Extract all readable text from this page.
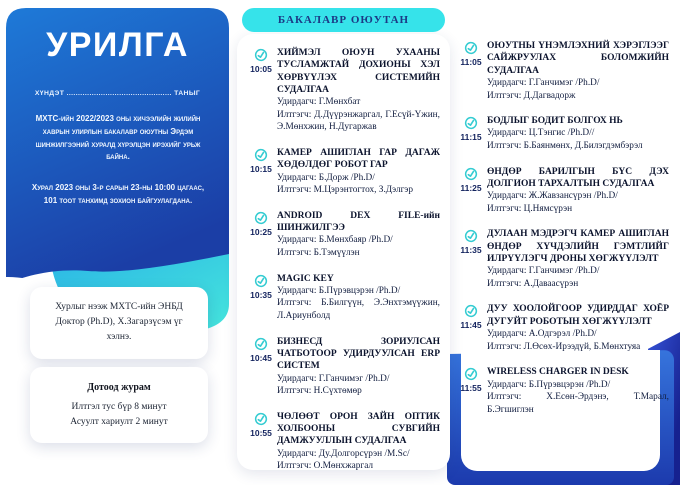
УРИЛГА
ХҮНДЭТ .............................................. ТАНЫГ
МХТС-ийн 2022/2023 оны хичээлийн жилийн хаврын улирлын бакалавр оюутны Эрдэм шинжилгээний хуралд хүрэлцэн ирэхийг урьж байна.
Хурал 2023 оны 3-р сарын 23-ны 10:00 цагаас, 101 тоот танхимд зохион байгуулагдана.
Хурлыг нээж МХТС-ийн ЭНБД Доктор (Ph.D), Х.Загарзүсэм үг хэлнэ.
Дотоод журам
Илтгэл тус бүр 8 минут
Асуулт хариулт 2 минут
БАКАЛАВР ОЮУТАН
10:05
ХИЙМЭЛ ОЮУН УХААНЫ ТУСЛАМЖТАЙ ДОХИОНЫ ХЭЛ ХӨРВҮҮЛЭХ СИСТЕМИЙН СУДАЛГАА
Удирдагч: Г.Мөнхбат
Илтгэгч: Д.Дүүрэнжаргал, Г.Есүй-Үжин, Э.Мөнхжин, Н.Дугаржав
10:15
КАМЕР АШИГЛАН ГАР ДАГАЖ ХӨДӨЛДӨГ РОБОТ ГАР
Удирдагч: Б.Дорж /Ph.D/
Илтгэгч: М.Цэрэнтогтох, З.Дэлгэр
10:25
ANDROID DEX FILE-ийн ШИНЖИЛГЭЭ
Удирдагч: Б.Мөнхбаяр /Ph.D/
Илтгэгч: Б.Тэмүүлэн
10:35
MAGIC KEY
Удирдагч: Б.Пүрэвцэрэн /Ph.D/
Илтгэгч: Б.Билгүүн, Э.Энхтэмүүжин, Л.Ариунболд
10:45
БИЗНЕСД ЗОРИУЛСАН ЧАТБОТООР УДИРДУУЛСАН ERP СИСТЕМ
Удирдагч: Г.Ганчимэг /Ph.D/
Илтгэгч: Н.Сүхтөмөр
10:55
ЧӨЛӨӨТ ОРОН ЗАЙН ОПТИК ХОЛБООНЫ СУВГИЙН ДАМЖУУЛЛЫН СУДАЛГАА
Удирдагч: Ду.Долгорсүрэн /M.Sc/
Илтгэгч: О.Мөнхжаргал
11:05
ОЮУТНЫ ҮНЭМЛЭХНИЙ ХЭРЭГЛЭЭГ САЙЖРУУЛАХ БОЛОМЖИЙН СУДАЛГАА
Удирдагч: Г.Ганчимэг /Ph.D/
Илтгэгч: Д.Дагвадорж
11:15
БОДЛЫГ БОДИТ БОЛГОХ НЬ
Удирдагч: Ц.Тэнгис /Ph.D//
Илтгэгч: Б.Баянмөнх, Д.Билэгдэмбэрэл
11:25
ӨНДӨР БАРИЛГЫН БҮС ДЭХ ДОЛГИОН ТАРХАЛТЫН СУДАЛГАА
Удирдагч: Ж.Жавзансүрэн /Ph.D/
Илтгэгч: Ц.Нямсүрэн
11:35
ДУЛААН МЭДРЭГЧ КАМЕР АШИГЛАН ӨНДӨР ХҮЧДЭЛИЙН ГЭМТЛИЙГ ИЛРҮҮЛЭГЧ ДРОНЫ ХӨГЖҮҮЛЭЛТ
Удирдагч: Г.Ганчимэг /Ph.D/
Илтгэгч: А.Даваасүрэн
11:45
ДУУ ХООЛОЙГООР УДИРДДАГ ХОЁР ДУГУЙТ РОБОТЫН ХӨГЖҮҮЛЭЛТ
Удирдагч: А.Одгэрэл /Ph.D/
Илтгэгч: Л.Өсөх-Ирээдүй, Б.Мөнхтуяа
11:55
WIRELESS CHARGER IN DESK
Удирдагч: Б.Пүрэвцэрэн /Ph.D/
Илтгэгч: Х.Есөн-Эрдэнэ, Т.Марал, Б.Эгшиглэн
